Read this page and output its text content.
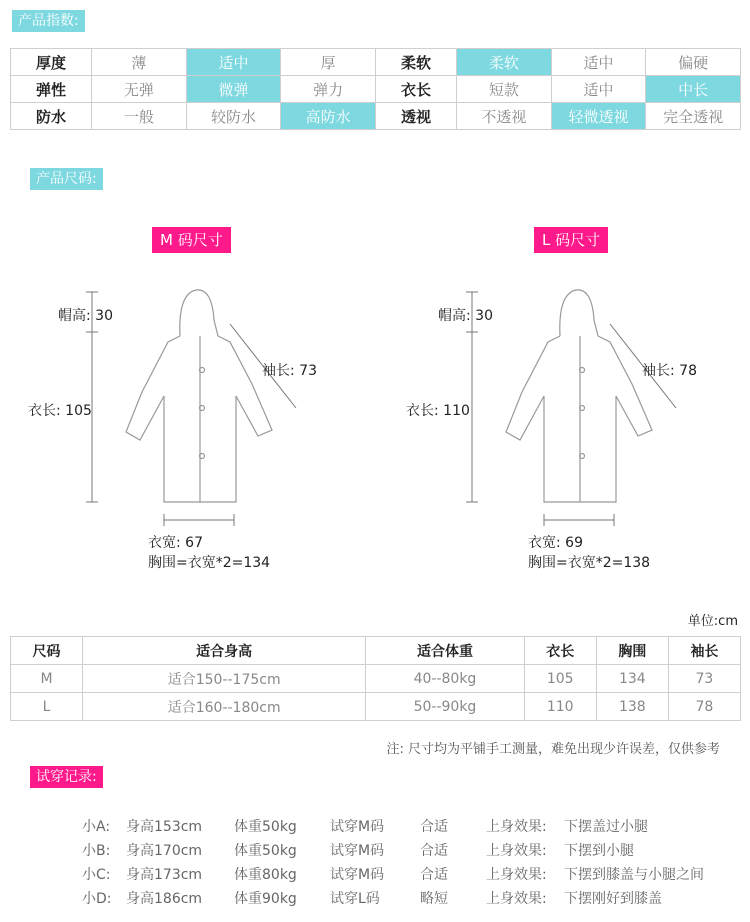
产品指数:
厚度	薄	适中	厚	柔软	柔软	适中	偏硬
弹性	无弹	微弹	弹力	衣长	短款	适中	中长
防水	一般	较防水	高防水	透视	不透视	轻微透视	完全透视
产品尺码:
M 码尺寸
帽高: 30
袖长: 73
衣长: 105
衣宽: 67
胸围=衣宽*2=134
L 码尺寸
帽高: 30
袖长: 78
衣长: 110
衣宽: 69
胸围=衣宽*2=138
单位:cm
尺码	适合身高	适合体重	衣长	胸围	袖长
M	适合150--175cm	40--80kg	105	134	73
L	适合160--180cm	50--90kg	110	138	78
注: 尺寸均为平铺手工测量，难免出现少许误差，仅供参考
试穿记录:
小A: 身高153cm 体重50kg 试穿M码	合适	上身效果: 下摆盖过小腿
小B: 身高170cm 体重50kg 试穿M码	合适	上身效果: 下摆到小腿
小C: 身高173cm 体重80kg 试穿M码	合适	上身效果: 下摆到膝盖与小腿之间
小D: 身高186cm 体重90kg 试穿L码	略短	上身效果: 下摆刚好到膝盖
